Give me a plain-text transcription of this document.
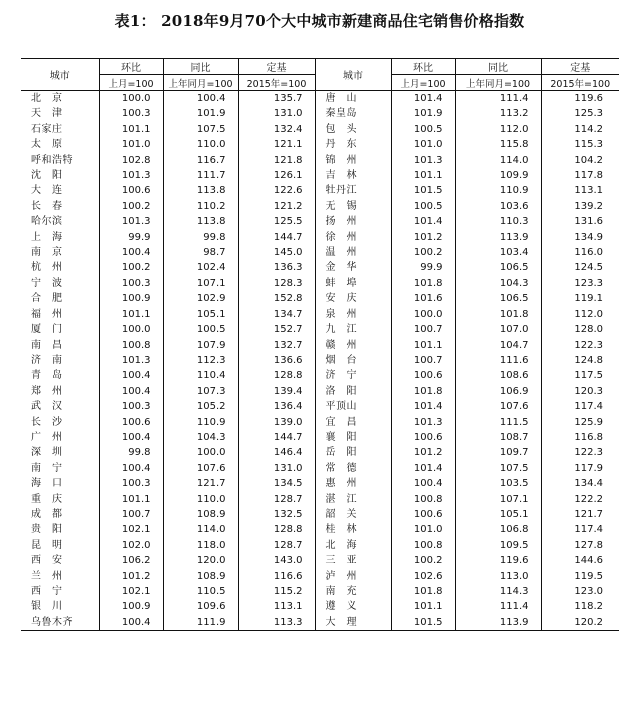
表1： 2018年9月70个大中城市新建商品住宅销售价格指数
城市	环比	同比	定基	城市	环比	同比	定基
	上月=100	上年同月=100	2015年=100		上月=100	上年同月=100	2015年=100
北　京	100.0	100.4	135.7	唐　山	101.4	111.4	119.6
天　津	100.3	101.9	131.0	秦皇岛	101.9	113.2	125.3
石家庄	101.1	107.5	132.4	包　头	100.5	112.0	114.2
太　原	101.0	110.0	121.1	丹　东	101.0	115.8	115.3
呼和浩特	102.8	116.7	121.8	锦　州	101.3	114.0	104.2
沈　阳	101.3	111.7	126.1	吉　林	101.1	109.9	117.8
大　连	100.6	113.8	122.6	牡丹江	101.5	110.9	113.1
长　春	100.2	110.2	121.2	无　锡	100.5	103.6	139.2
哈尔滨	101.3	113.8	125.5	扬　州	101.4	110.3	131.6
上　海	99.9	99.8	144.7	徐　州	101.2	113.9	134.9
南　京	100.4	98.7	145.0	温　州	100.2	103.4	116.0
杭　州	100.2	102.4	136.3	金　华	99.9	106.5	124.5
宁　波	100.3	107.1	128.3	蚌　埠	101.8	104.3	123.3
合　肥	100.9	102.9	152.8	安　庆	101.6	106.5	119.1
福　州	101.1	105.1	134.7	泉　州	100.0	101.8	112.0
厦　门	100.0	100.5	152.7	九　江	100.7	107.0	128.0
南　昌	100.8	107.9	132.7	赣　州	101.1	104.7	122.3
济　南	101.3	112.3	136.6	烟　台	100.7	111.6	124.8
青　岛	100.4	110.4	128.8	济　宁	100.6	108.6	117.5
郑　州	100.4	107.3	139.4	洛　阳	101.8	106.9	120.3
武　汉	100.3	105.2	136.4	平顶山	101.4	107.6	117.4
长　沙	100.6	110.9	139.0	宜　昌	101.3	111.5	125.9
广　州	100.4	104.3	144.7	襄　阳	100.6	108.7	116.8
深　圳	99.8	100.0	146.4	岳　阳	101.2	109.7	122.3
南　宁	100.4	107.6	131.0	常　德	101.4	107.5	117.9
海　口	100.3	121.7	134.5	惠　州	100.4	103.5	134.4
重　庆	101.1	110.0	128.7	湛　江	100.8	107.1	122.2
成　都	100.7	108.9	132.5	韶　关	100.6	105.1	121.7
贵　阳	102.1	114.0	128.8	桂　林	101.0	106.8	117.4
昆　明	102.0	118.0	128.7	北　海	100.8	109.5	127.8
西　安	106.2	120.0	143.0	三　亚	100.2	119.6	144.6
兰　州	101.2	108.9	116.6	泸　州	102.6	113.0	119.5
西　宁	102.1	110.5	115.2	南　充	101.8	114.3	123.0
银　川	100.9	109.6	113.1	遵　义	101.1	111.4	118.2
乌鲁木齐	100.4	111.9	113.3	大　理	101.5	113.9	120.2
